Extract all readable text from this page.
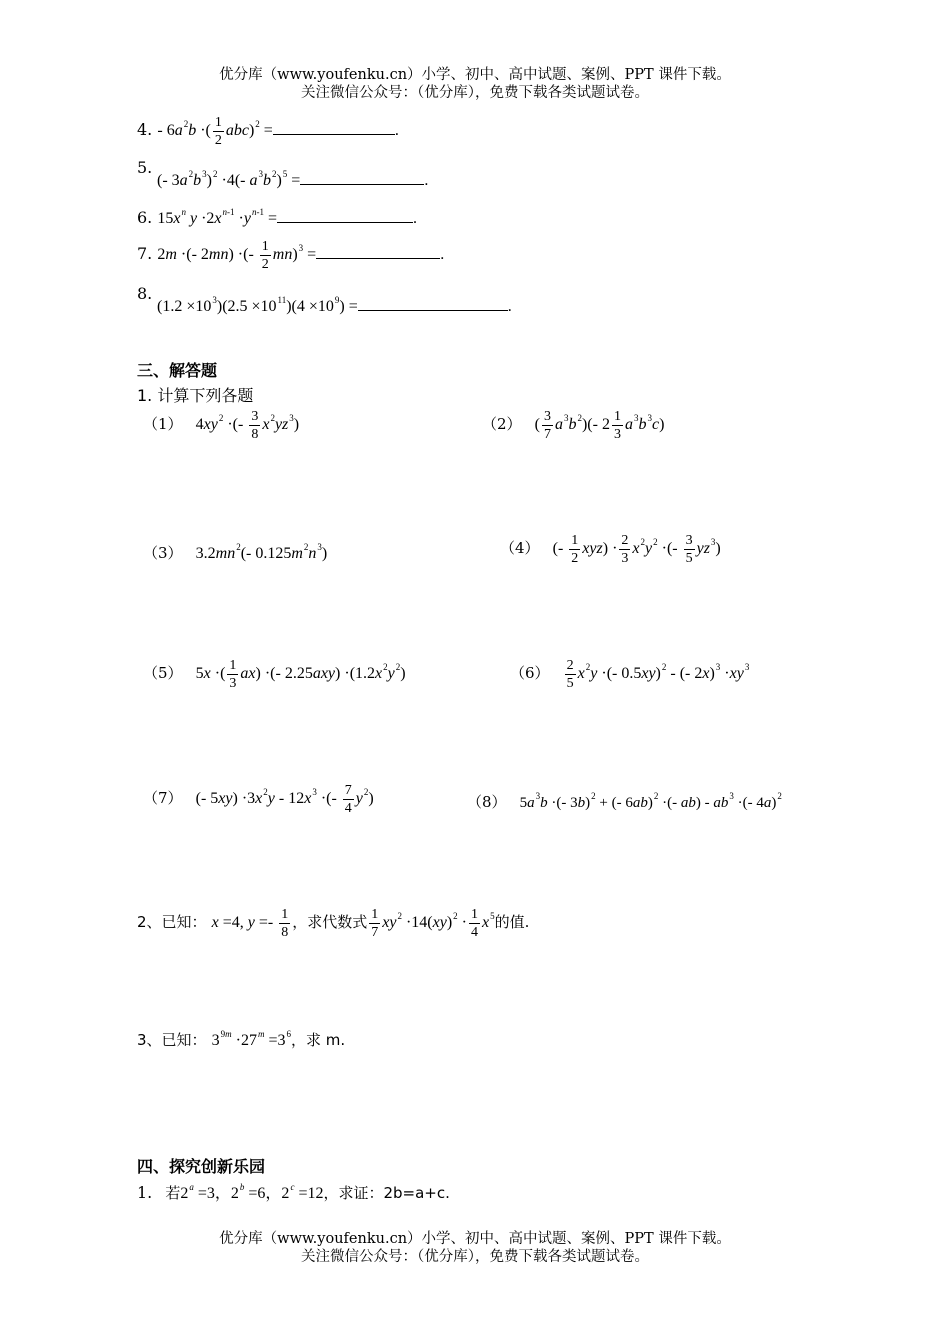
优分库（www.youfenku.cn）小学、初中、高中试题、案例、PPT 课件下载。
关注微信公众号：（优分库），免费下载各类试题试卷。
4. - $6a^2b$ ·( $\frac{1}{2} abc)^2$ =	.
5.
(- $3a^2b^3)^2 \cdot 4(-$ $a^3b^2)^5$ =	.
6. $15x^n$ $y \cdot 2x^{n-1} \cdot y^{n-1}$ =	.
7. 2m ·(- 2mn) ·(- $\frac{1}{2} mn)^3$ =	.
8.
$(1.2 \times 10^3)(2.5 \times 10^{11})(4 \times 10^9)$ =	.
三、解答题
1. 计算下列各题
（1） $4xy^2$ ·(- $\frac{3}{8} x^2yz^3$)	（2） ( $\frac{3}{7} a^3b^2)(-$ $2 \frac{1}{3} a^3b^3c$)
（3） $3.2mn^2(-$ $0.125m^2n^3$)	（4） (- $\frac{1}{2} xyz) \cdot \frac{2}{3} x^2y^2$ ·(- $\frac{3}{5} yz^3$)
（5） 5x ·( $\frac{1}{3} ax$) ·(- $2.25axy) \cdot(1.2x^2y^2)$	$(6) \frac{2}{5} x^2y$ ·(- 0.5xy)$^2$ - (- $2x)^3 \cdot xy^3$
（7） (- $5xy) \cdot 3x^2y - 12x^3$ ·(- $\frac{7}{4} y^2$)	（8） $5a^3b$ ·(- 3b)$^2$ + (- 6ab)$^2$ ·(- $ab) - ab^3$ ·(- 4a)$^2$
2、已知： x =4, $y =- \frac{1}{8}$ ，求代数式 $\frac{1}{7} xy^2 \cdot 14(xy)^2 \cdot \frac{1}{4} x^5$的值.
3、已知： $3^{9m} \cdot 27^m =3^6$，求 m.
四、探究创新乐园
1. 若$2^a =3$，$2^b =6$，$2^c =12$，求证：2b=a+c.
优分库（www.youfenku.cn）小学、初中、高中试题、案例、PPT 课件下载。
关注微信公众号：（优分库），免费下载各类试题试卷。
